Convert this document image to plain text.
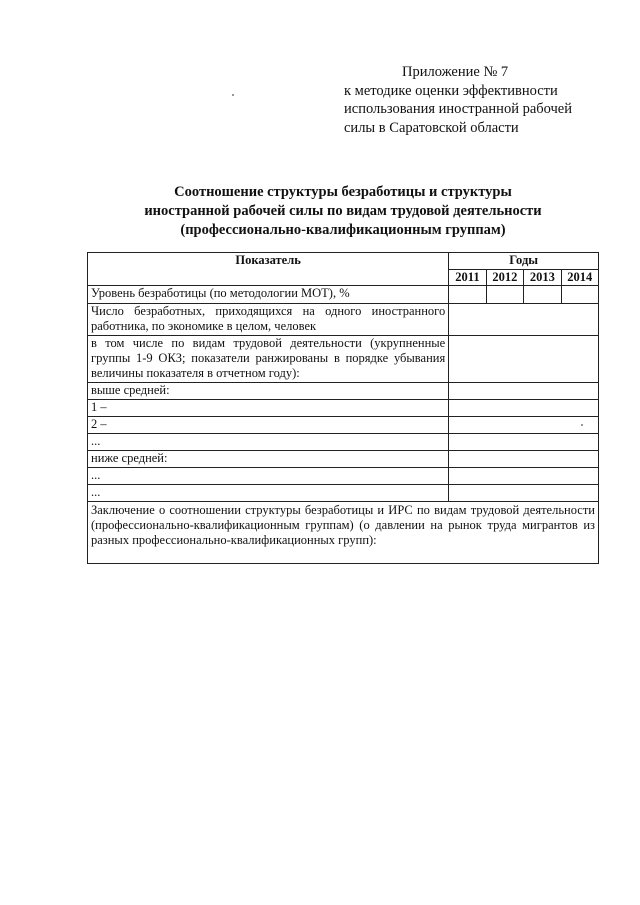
Приложение № 7
к методике оценки эффективности
использования иностранной рабочей
силы в Саратовской области
Соотношение структуры безработицы и структуры
иностранной рабочей силы по видам трудовой деятельности
(профессионально-квалификационным группам)
Показатель	Годы			
	2011	2012	2013	2014
Уровень безработицы (по методологии МОТ), %				
Число безработных, приходящихся на одного иностранного работника, по экономике в целом, человек				
в том числе по видам трудовой деятельности (укрупненные группы 1-9 ОКЗ; показатели ранжированы в порядке убывания величины показателя в отчетном году):				
выше средней:				
1 –				
2 –				
...				
ниже средней:				
...				
...				
Заключение о соотношении структуры безработицы и ИРС по видам трудовой деятельности (профессионально-квалификационным группам) (о давлении на рынок труда мигрантов из разных профессионально-квалификационных групп):				
